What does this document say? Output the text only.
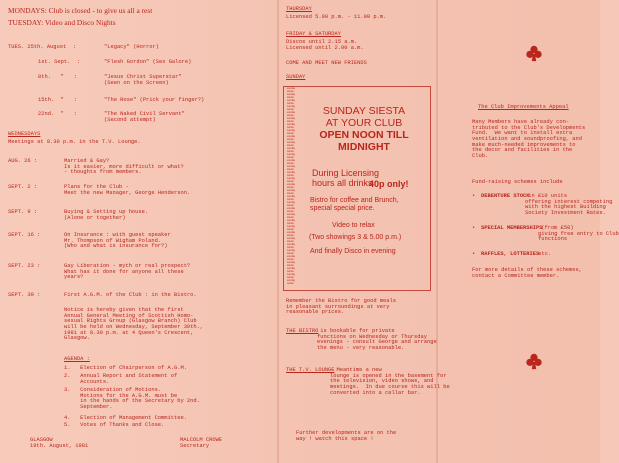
MONDAYS: Club is closed - to give us all a rest
TUESDAY: Video and Disco Nights
TUES. 25th. August  :	"Legacy" (Horror)
1st. Sept.  :	"Flesh Gordon" (Sex Galore)
8th.   "   :	"Jesus Christ Superstar"
(Seen on the Screen)
15th.  "   :	"The Rose" (Prick your finger?)
22nd.  "   :	"The Naked Civil Servant"
(Second attempt)
WEDNESDAYS
Meetings at 8.30 p.m. in the T.V. Lounge.
AUG. 26 :	Married & Gay?
Is it easier, more difficult or what?
- thoughts from members.
SEPT. 2 :	Plans for the Club -
Meet the new Manager, George Henderson.
SEPT. 9 :	Buying & Setting up house.
(Alone or together)
SEPT. 16 :	On Insurance : with guest speaker
Mr. Thompson of Wigham Poland.
(Who and what is insurance for?)
SEPT. 23 :	Gay Liberation - myth or real prospect?
What has it done for anyone all these
years?
SEPT. 30 :	First A.G.M. of the Club : in the Bistro.
Notice is hereby given that the first
Annual General Meeting of Scottish Homo-
sexual Rights Group (Glasgow Branch) Club
will be held on Wednesday, September 30th.,
1981 at 8.30 p.m. at 4 Queen's Crescent,
Glasgow.
AGENDA :
1.   Election of Chairperson of A.G.M.
2.   Annual Report and Statement of
Accounts.
3.   Consideration of Motions.
Motions for the A.G.M. must be
in the hands of the Secretary by 2nd.
September.
4.   Election of Management Committee.
5.   Votes of Thanks and Close.
GLASGOW
19th. August, 1981
MALCOLM CROWE
Secretary
THURSDAY
Licensed 5.00 p.m. - 11.00 p.m.
FRIDAY & SATURDAY
Discos until 2.15 a.m.
Licensed until 2.00 a.m.
COME AND MEET NEW FRIENDS
SUNDAY
sunday
siesta
sunday
siesta
sunday
siesta
sunday
siesta
sunday
siesta
sunday
siesta
sunday
siesta
sunday
siesta
sunday
siesta
sunday
siesta
sunday
siesta
sunday
siesta
sunday
siesta
sunday
siesta
sunday
siesta
sunday
siesta
sunday
siesta
sunday
siesta
sunday
siesta
sunday
siesta
sunday
siesta
sunday
siesta
sunday
siesta
sunday
siesta
sunday
siesta
sunday
siesta
sunday
siesta
sunday
siesta
sunday
siesta
sunday
siesta
sunday
siesta
sunday
siesta
sunday
siesta
SUNDAY SIESTA
AT YOUR CLUB
OPEN NOON TILL
MIDNIGHT
During Licensing
hours all drinks
40p only!
Bistro for coffee and Brunch,
special special price.
Video to relax
(Two showings 3 & 5.00 p.m.)
And finally Disco in evening
Remember the Bistro for good meals
in pleasant surroundings at very
reasonable prices.
THE BISTRO is bookable for private
functions on Wednesday or Thursday
evenings - consult George and arrange
the menu - very reasonable.
THE T.V. LOUNGE Meantime a new
lounge is opened in the basement for
the television, video shows, and
meetings.  In due course this will be
converted into a cellar bar.
Further developments are on the
way ! watch this space !
The Club Improvements Appeal
Many Members have already con-
tributed to the Club's Developments
Fund.  We want to install extra
ventilation and soundproofing, and
make much-needed improvements to
the decor and facilities in the
Club.
Fund-raising schemes include
• DEBENTURE STOCK
in £10 units
offering interest competing
with the highest Building
Society Investment Rates.
• SPECIAL MEMBERSHIPS
(from £50)
giving free entry to Club
functions
• RAFFLES, LOTTERIES
etc.
For more details of these schemes,
contact a Committee member.
